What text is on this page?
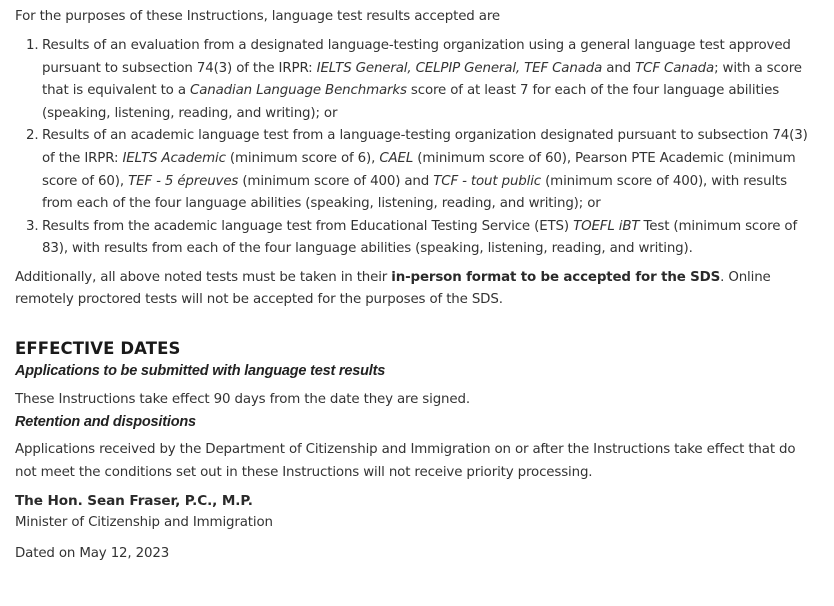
For the purposes of these Instructions, language test results accepted are

1. Results of an evaluation from a designated language-testing organization using a general language test approved pursuant to subsection 74(3) of the IRPR: IELTS General, CELPIP General, TEF Canada and TCF Canada; with a score that is equivalent to a Canadian Language Benchmarks score of at least 7 for each of the four language abilities (speaking, listening, reading, and writing); or
2. Results of an academic language test from a language-testing organization designated pursuant to subsection 74(3) of the IRPR: IELTS Academic (minimum score of 6), CAEL (minimum score of 60), Pearson PTE Academic (minimum score of 60), TEF - 5 épreuves (minimum score of 400) and TCF - tout public (minimum score of 400), with results from each of the four language abilities (speaking, listening, reading, and writing); or
3. Results from the academic language test from Educational Testing Service (ETS) TOEFL iBT Test (minimum score of 83), with results from each of the four language abilities (speaking, listening, reading, and writing).

Additionally, all above noted tests must be taken in their in-person format to be accepted for the SDS. Online remotely proctored tests will not be accepted for the purposes of the SDS.

EFFECTIVE DATES
Applications to be submitted with language test results

These Instructions take effect 90 days from the date they are signed.

Retention and dispositions

Applications received by the Department of Citizenship and Immigration on or after the Instructions take effect that do not meet the conditions set out in these Instructions will not receive priority processing.

The Hon. Sean Fraser, P.C., M.P.

Minister of Citizenship and Immigration

Dated on May 12, 2023
